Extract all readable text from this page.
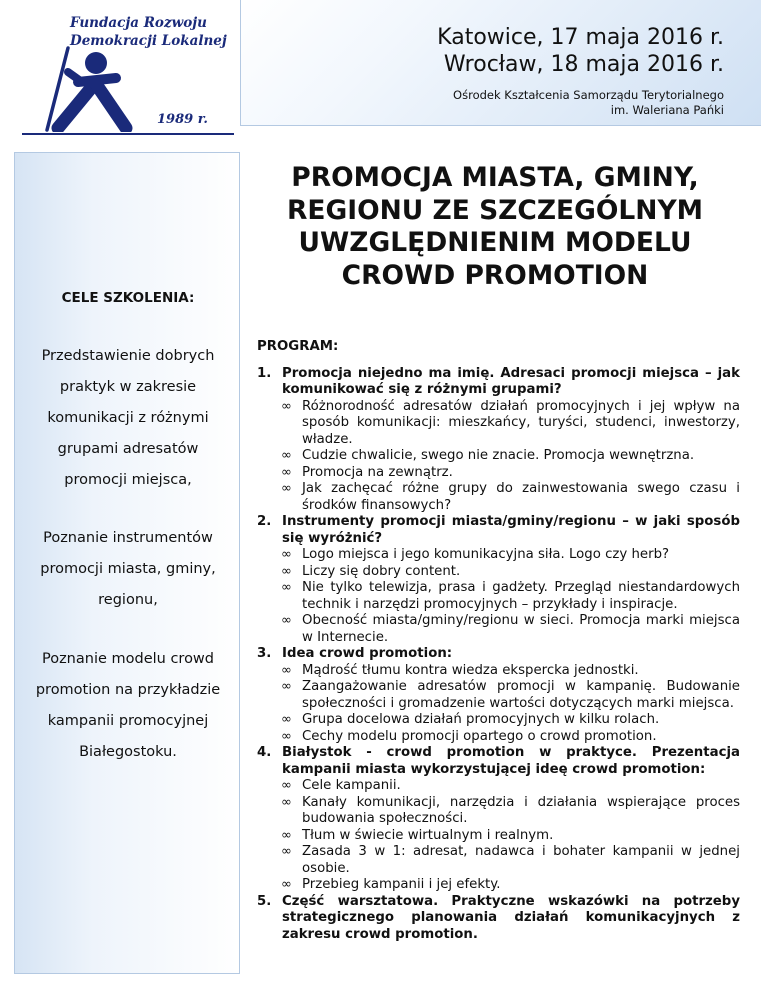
Fundacja Rozwoju
Demokracji Lokalnej
1989 r.
Katowice, 17 maja 2016 r.
Wrocław, 18 maja 2016 r.
Ośrodek Kształcenia Samorządu Terytorialnego
im. Waleriana Pańki
CELE SZKOLENIA:
Przedstawienie dobrych
praktyk w zakresie
komunikacji z różnymi
grupami adresatów
promocji miejsca,
Poznanie instrumentów
promocji miasta, gminy,
regionu,
Poznanie modelu crowd
promotion na przykładzie
kampanii promocyjnej
Białegostoku.
PROMOCJA MIASTA, GMINY,
REGIONU ZE SZCZEGÓLNYM
UWZGLĘDNIENIM MODELU
CROWD PROMOTION
PROGRAM:
1. Promocja niejedno ma imię. Adresaci promocji miejsca – jak komunikować się z różnymi grupami?
∞ Różnorodność adresatów działań promocyjnych i jej wpływ na sposób komunikacji: mieszkańcy, turyści, studenci, inwestorzy, władze.
∞ Cudzie chwalicie, swego nie znacie. Promocja wewnętrzna.
∞ Promocja na zewnątrz.
∞ Jak zachęcać różne grupy do zainwestowania swego czasu i środków finansowych?
2. Instrumenty promocji miasta/gminy/regionu – w jaki sposób się wyróżnić?
∞ Logo miejsca i jego komunikacyjna siła. Logo czy herb?
∞ Liczy się dobry content.
∞ Nie tylko telewizja, prasa i gadżety. Przegląd niestandardowych technik i narzędzi promocyjnych – przykłady i inspiracje.
∞ Obecność miasta/gminy/regionu w sieci. Promocja marki miejsca w Internecie.
3. Idea crowd promotion:
∞ Mądrość tłumu kontra wiedza ekspercka jednostki.
∞ Zaangażowanie adresatów promocji w kampanię. Budowanie społeczności i gromadzenie wartości dotyczących marki miejsca.
∞ Grupa docelowa działań promocyjnych w kilku rolach.
∞ Cechy modelu promocji opartego o crowd promotion.
4. Białystok - crowd promotion w praktyce. Prezentacja kampanii miasta wykorzystującej ideę crowd promotion:
∞ Cele kampanii.
∞ Kanały komunikacji, narzędzia i działania wspierające proces budowania społeczności.
∞ Tłum w świecie wirtualnym i realnym.
∞ Zasada 3 w 1: adresat, nadawca i bohater kampanii w jednej osobie.
∞ Przebieg kampanii i jej efekty.
5. Część warsztatowa. Praktyczne wskazówki na potrzeby strategicznego planowania działań komunikacyjnych z zakresu crowd promotion.
